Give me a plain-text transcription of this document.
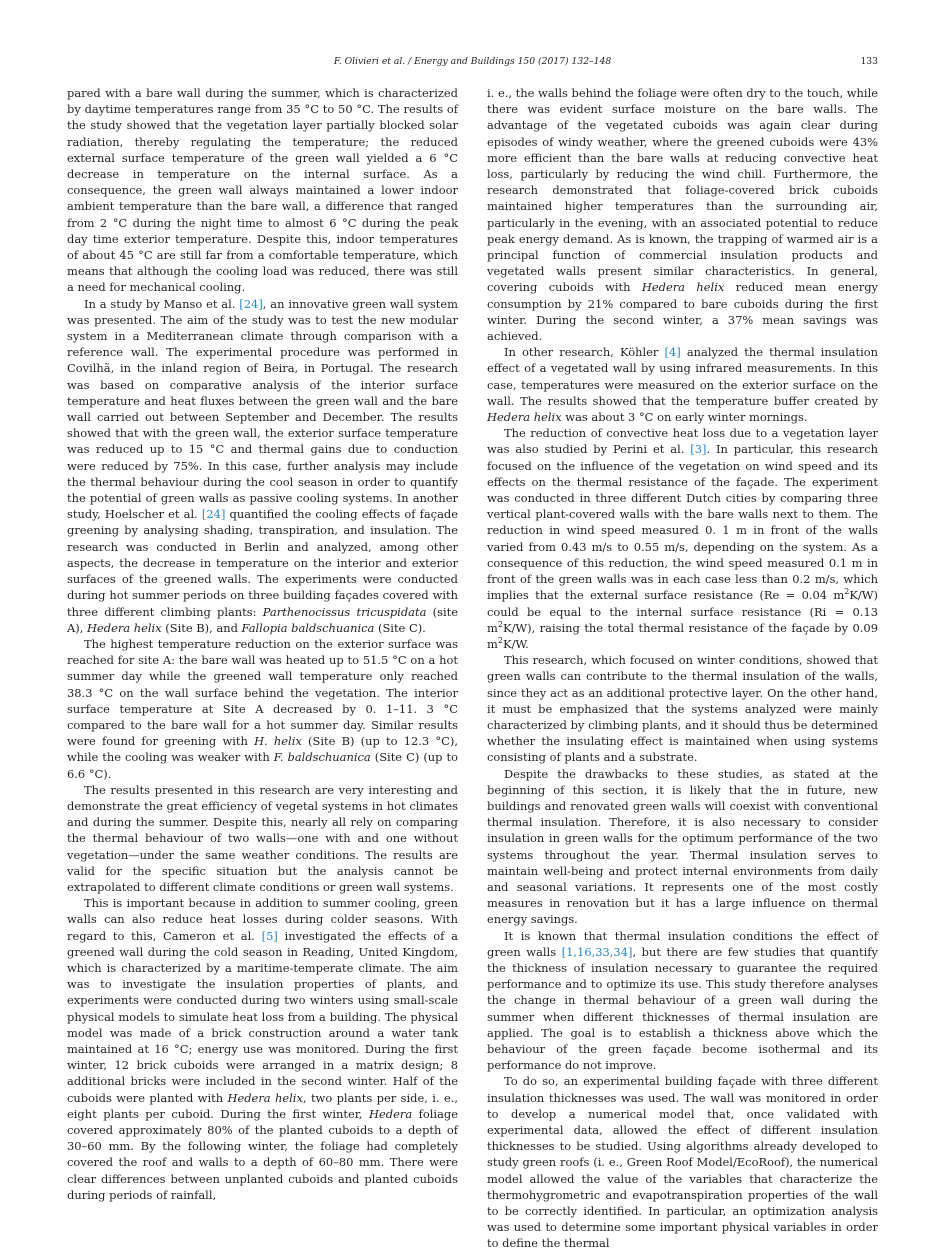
F. Olivieri et al. / Energy and Buildings 150 (2017) 132–148	133

pared with a bare wall during the summer, which is characterized by daytime temperatures range from 35 °C to 50 °C. The results of the study showed that the vegetation layer partially blocked solar radiation, thereby regulating the temperature; the reduced external surface temperature of the green wall yielded a 6 °C decrease in temperature on the internal surface. As a consequence, the green wall always maintained a lower indoor ambient temperature than the bare wall, a difference that ranged from 2 °C during the night time to almost 6 °C during the peak day time exterior temperature. Despite this, indoor temperatures of about 45 °C are still far from a comfortable temperature, which means that although the cooling load was reduced, there was still a need for mechanical cooling.

In a study by Manso et al. [24], an innovative green wall system was presented. The aim of the study was to test the new modular system in a Mediterranean climate through comparison with a reference wall. The experimental procedure was performed in Covilhã, in the inland region of Beira, in Portugal. The research was based on comparative analysis of the interior surface temperature and heat fluxes between the green wall and the bare wall carried out between September and December. The results showed that with the green wall, the exterior surface temperature was reduced up to 15 °C and thermal gains due to conduction were reduced by 75%. In this case, further analysis may include the thermal behaviour during the cool season in order to quantify the potential of green walls as passive cooling systems. In another study, Hoelscher et al. [24] quantified the cooling effects of façade greening by analysing shading, transpiration, and insulation. The research was conducted in Berlin and analyzed, among other aspects, the decrease in temperature on the interior and exterior surfaces of the greened walls. The experiments were conducted during hot summer periods on three building façades covered with three different climbing plants: Parthenocissus tricuspidata (site A), Hedera helix (Site B), and Fallopia baldschuanica (Site C).

The highest temperature reduction on the exterior surface was reached for site A: the bare wall was heated up to 51.5 °C on a hot summer day while the greened wall temperature only reached 38.3 °C on the wall surface behind the vegetation. The interior surface temperature at Site A decreased by 0. 1–11. 3 °C compared to the bare wall for a hot summer day. Similar results were found for greening with H. helix (Site B) (up to 12.3 °C), while the cooling was weaker with F. baldschuanica (Site C) (up to 6.6 °C).

The results presented in this research are very interesting and demonstrate the great efficiency of vegetal systems in hot climates and during the summer. Despite this, nearly all rely on comparing the thermal behaviour of two walls—one with and one without vegetation—under the same weather conditions. The results are valid for the specific situation but the analysis cannot be extrapolated to different climate conditions or green wall systems.

This is important because in addition to summer cooling, green walls can also reduce heat losses during colder seasons. With regard to this, Cameron et al. [5] investigated the effects of a greened wall during the cold season in Reading, United Kingdom, which is characterized by a maritime-temperate climate. The aim was to investigate the insulation properties of plants, and experiments were conducted during two winters using small-scale physical models to simulate heat loss from a building. The physical model was made of a brick construction around a water tank maintained at 16 °C; energy use was monitored. During the first winter, 12 brick cuboids were arranged in a matrix design; 8 additional bricks were included in the second winter. Half of the cuboids were planted with Hedera helix, two plants per side, i. e., eight plants per cuboid. During the first winter, Hedera foliage covered approximately 80% of the planted cuboids to a depth of 30–60 mm. By the following winter, the foliage had completely covered the roof and walls to a depth of 60–80 mm. There were clear differences between unplanted cuboids and planted cuboids during periods of rainfall,

i. e., the walls behind the foliage were often dry to the touch, while there was evident surface moisture on the bare walls. The advantage of the vegetated cuboids was again clear during episodes of windy weather, where the greened cuboids were 43% more efficient than the bare walls at reducing convective heat loss, particularly by reducing the wind chill. Furthermore, the research demonstrated that foliage-covered brick cuboids maintained higher temperatures than the surrounding air, particularly in the evening, with an associated potential to reduce peak energy demand. As is known, the trapping of warmed air is a principal function of commercial insulation products and vegetated walls present similar characteristics. In general, covering cuboids with Hedera helix reduced mean energy consumption by 21% compared to bare cuboids during the first winter. During the second winter, a 37% mean savings was achieved.

In other research, Köhler [4] analyzed the thermal insulation effect of a vegetated wall by using infrared measurements. In this case, temperatures were measured on the exterior surface on the wall. The results showed that the temperature buffer created by Hedera helix was about 3 °C on early winter mornings.

The reduction of convective heat loss due to a vegetation layer was also studied by Perini et al. [3]. In particular, this research focused on the influence of the vegetation on wind speed and its effects on the thermal resistance of the façade. The experiment was conducted in three different Dutch cities by comparing three vertical plant-covered walls with the bare walls next to them. The reduction in wind speed measured 0. 1 m in front of the walls varied from 0.43 m/s to 0.55 m/s, depending on the system. As a consequence of this reduction, the wind speed measured 0.1 m in front of the green walls was in each case less than 0.2 m/s, which implies that the external surface resistance (Re = 0.04 $m^2K/W$) could be equal to the internal surface resistance (Ri = 0.13 $m^2K/W$), raising the total thermal resistance of the façade by 0.09 $m^2K/W$.

This research, which focused on winter conditions, showed that green walls can contribute to the thermal insulation of the walls, since they act as an additional protective layer. On the other hand, it must be emphasized that the systems analyzed were mainly characterized by climbing plants, and it should thus be determined whether the insulating effect is maintained when using systems consisting of plants and a substrate.

Despite the drawbacks to these studies, as stated at the beginning of this section, it is likely that the in future, new buildings and renovated green walls will coexist with conventional thermal insulation. Therefore, it is also necessary to consider insulation in green walls for the optimum performance of the two systems throughout the year. Thermal insulation serves to maintain well-being and protect internal environments from daily and seasonal variations. It represents one of the most costly measures in renovation but it has a large influence on thermal energy savings.

It is known that thermal insulation conditions the effect of green walls [1,16,33,34], but there are few studies that quantify the thickness of insulation necessary to guarantee the required performance and to optimize its use. This study therefore analyses the change in thermal behaviour of a green wall during the summer when different thicknesses of thermal insulation are applied. The goal is to establish a thickness above which the behaviour of the green façade become isothermal and its performance do not improve.

To do so, an experimental building façade with three different insulation thicknesses was used. The wall was monitored in order to develop a numerical model that, once validated with experimental data, allowed the effect of different insulation thicknesses to be studied. Using algorithms already developed to study green roofs (i. e., Green Roof Model/EcoRoof), the numerical model allowed the value of the variables that characterize the thermohygrometric and evapotranspiration properties of the wall to be correctly identified. In particular, an optimization analysis was used to determine some important physical variables in order to define the thermal
